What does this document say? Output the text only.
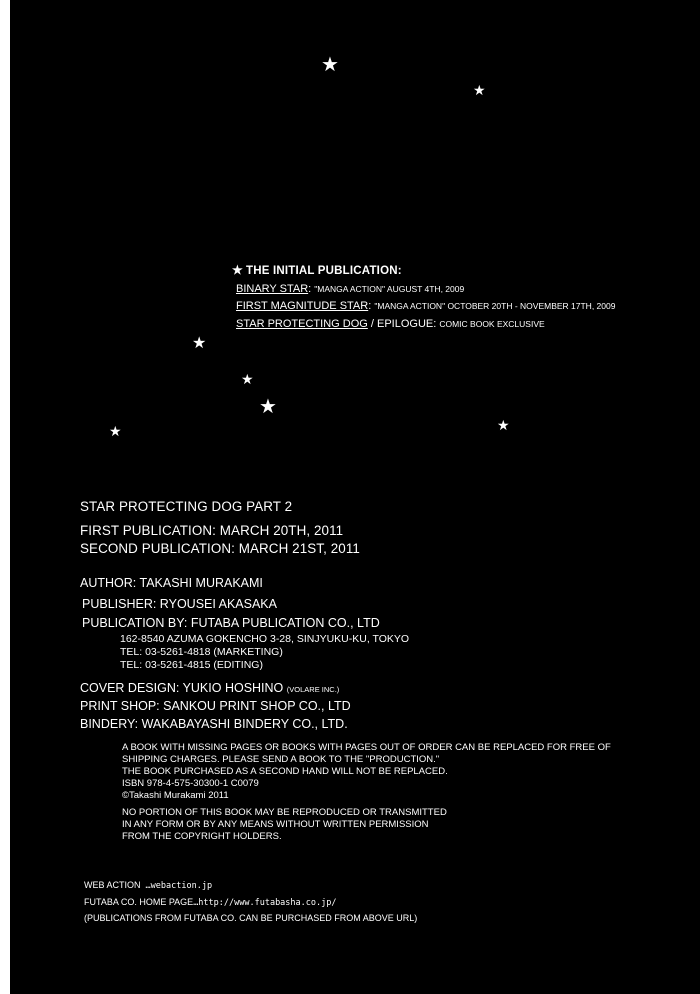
★
★
★
★
★
★	★
★ THE INITIAL PUBLICATION:
BINARY STAR: "MANGA ACTION" AUGUST 4TH, 2009
FIRST MAGNITUDE STAR: "MANGA ACTION" OCTOBER 20TH - NOVEMBER 17TH, 2009
STAR PROTECTING DOG / EPILOGUE: COMIC BOOK EXCLUSIVE
STAR PROTECTING DOG PART 2
FIRST PUBLICATION: MARCH 20TH, 2011
SECOND PUBLICATION: MARCH 21ST, 2011
AUTHOR: TAKASHI MURAKAMI
PUBLISHER: RYOUSEI AKASAKA
PUBLICATION BY: FUTABA PUBLICATION CO., LTD
162-8540 AZUMA GOKENCHO 3-28, SINJYUKU-KU, TOKYO
TEL: 03-5261-4818 (MARKETING)
TEL: 03-5261-4815 (EDITING)
COVER DESIGN: YUKIO HOSHINO (VOLARE INC.)
PRINT SHOP: SANKOU PRINT SHOP CO., LTD
BINDERY: WAKABAYASHI BINDERY CO., LTD.
A BOOK WITH MISSING PAGES OR BOOKS WITH PAGES OUT OF ORDER CAN BE REPLACED FOR FREE OF
SHIPPING CHARGES. PLEASE SEND A BOOK TO THE "PRODUCTION."
THE BOOK PURCHASED AS A SECOND HAND WILL NOT BE REPLACED.
ISBN 978-4-575-30300-1 C0079
©Takashi Murakami 2011
NO PORTION OF THIS BOOK MAY BE REPRODUCED OR TRANSMITTED
IN ANY FORM OR BY ANY MEANS WITHOUT WRITTEN PERMISSION
FROM THE COPYRIGHT HOLDERS.
WEB ACTION …webaction.jp
FUTABA CO. HOME PAGE…http://www.futabasha.co.jp/
(PUBLICATIONS FROM FUTABA CO. CAN BE PURCHASED FROM ABOVE URL)
